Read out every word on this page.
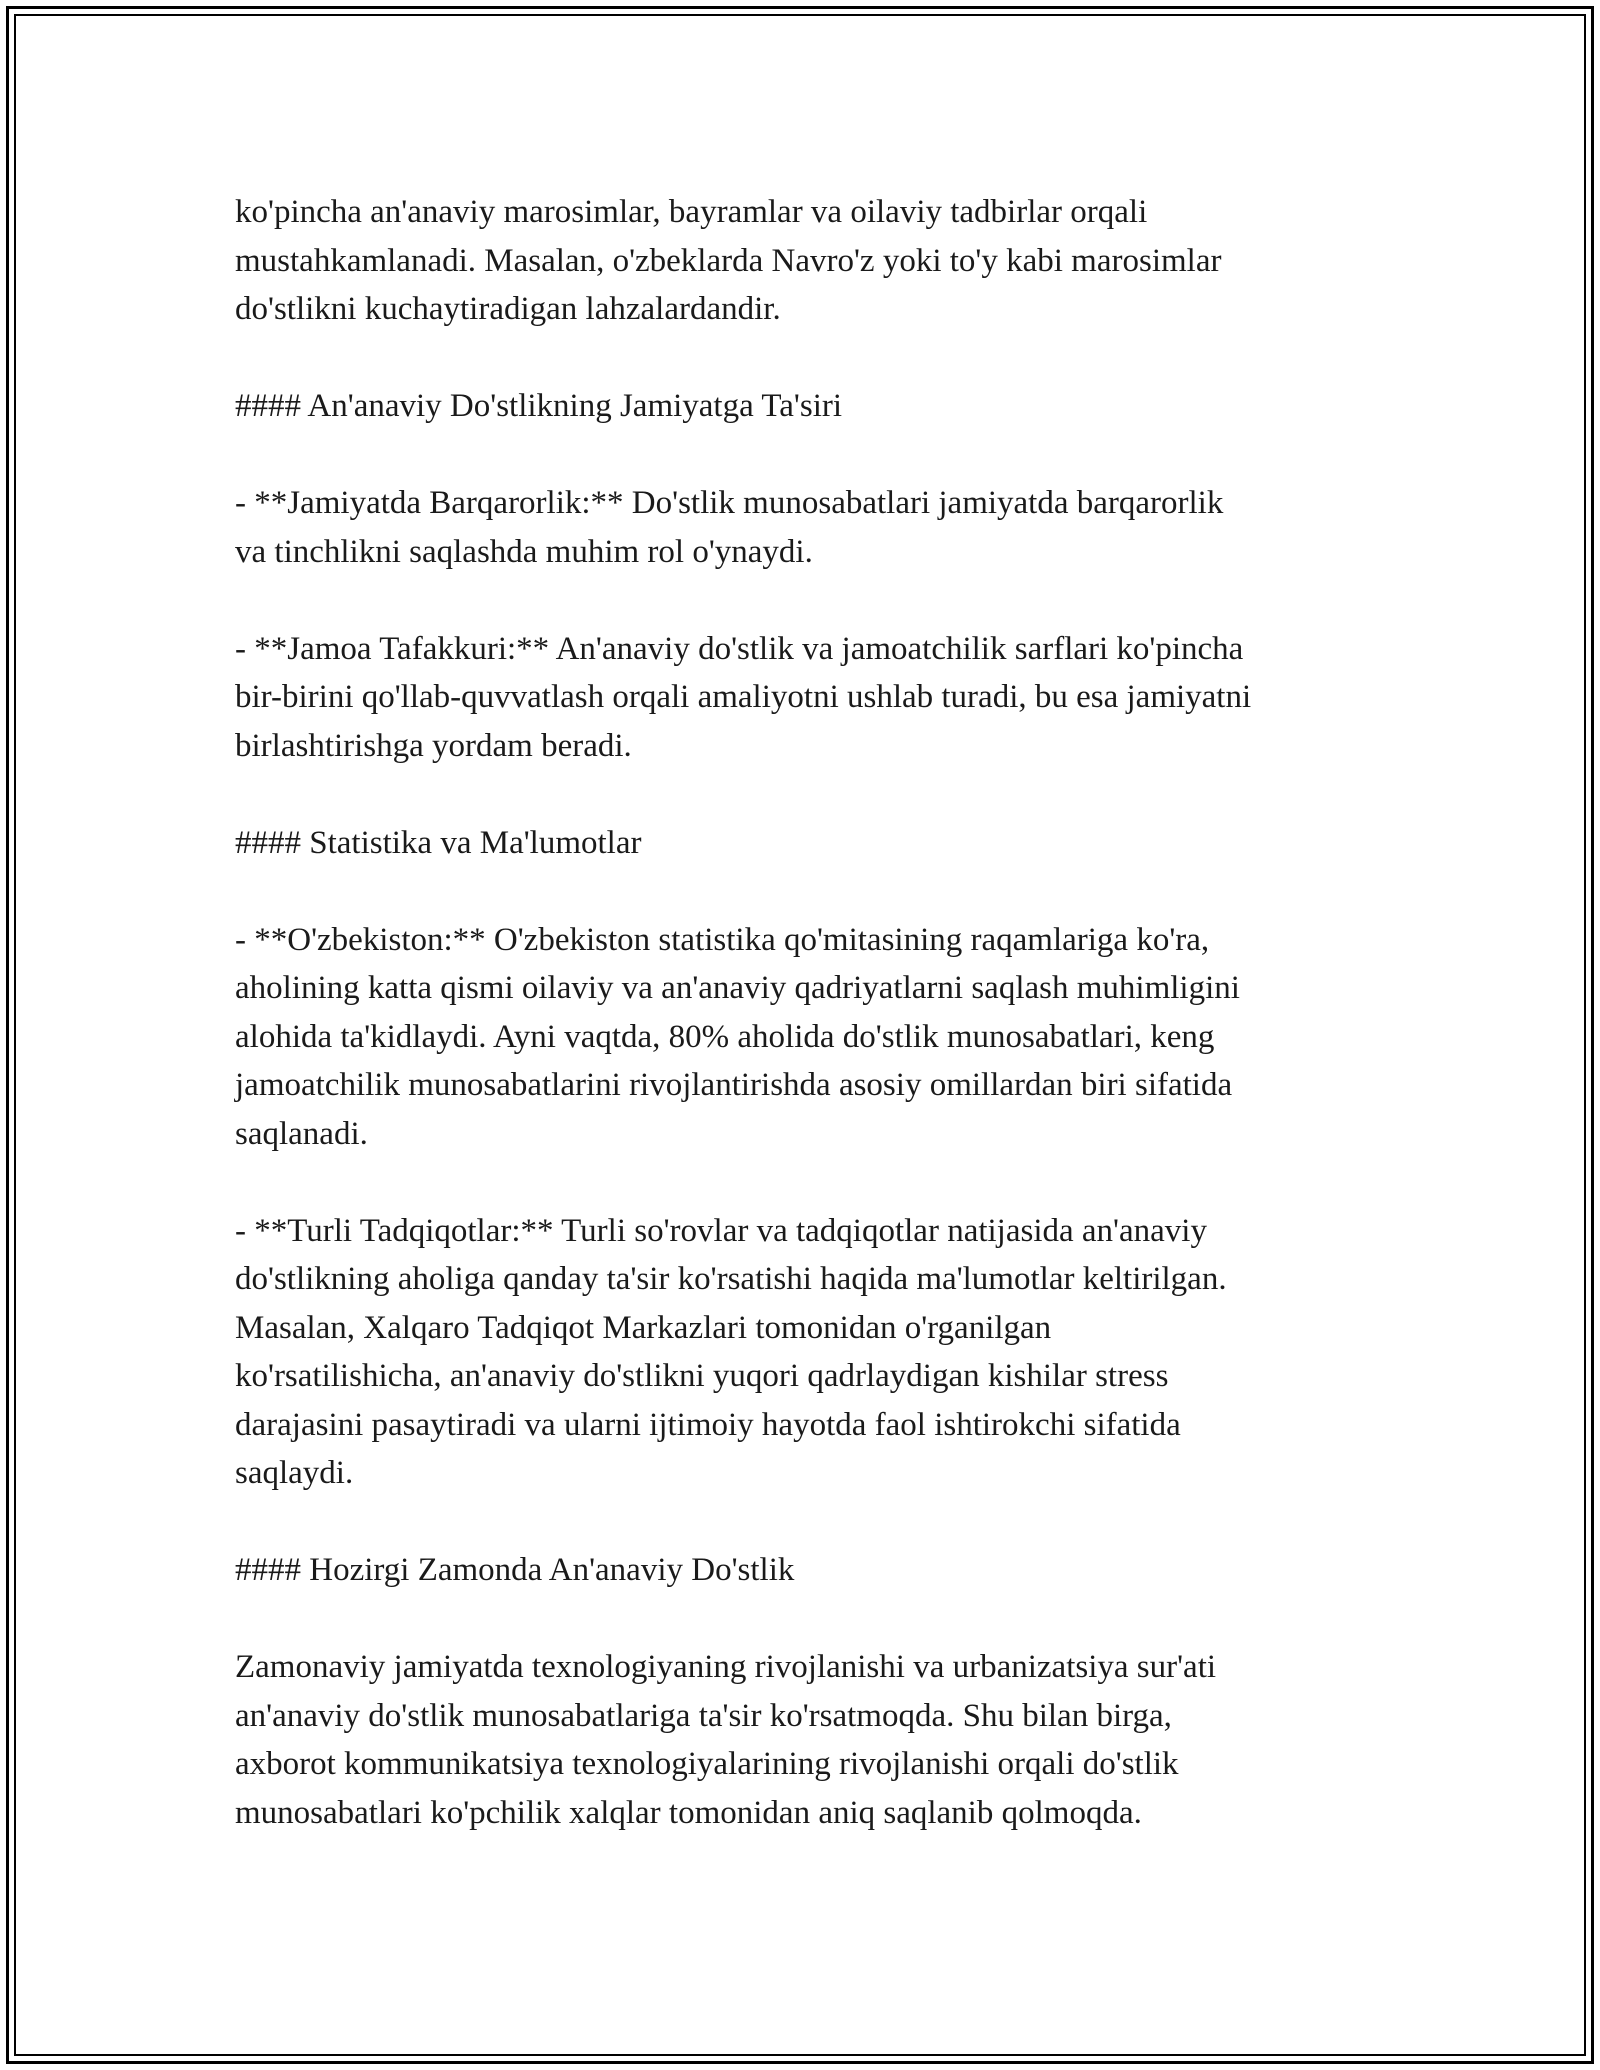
ko'pincha an'anaviy marosimlar, bayramlar va oilaviy tadbirlar orqali
mustahkamlanadi. Masalan, o'zbeklarda Navro'z yoki to'y kabi marosimlar
do'stlikni kuchaytiradigan lahzalardandir.
#### An'anaviy Do'stlikning Jamiyatga Ta'siri
- **Jamiyatda Barqarorlik:** Do'stlik munosabatlari jamiyatda barqarorlik
va tinchlikni saqlashda muhim rol o'ynaydi.
- **Jamoa Tafakkuri:** An'anaviy do'stlik va jamoatchilik sarflari ko'pincha
bir-birini qo'llab-quvvatlash orqali amaliyotni ushlab turadi, bu esa jamiyatni
birlashtirishga yordam beradi.
#### Statistika va Ma'lumotlar
- **O'zbekiston:** O'zbekiston statistika qo'mitasining raqamlariga ko'ra,
aholining katta qismi oilaviy va an'anaviy qadriyatlarni saqlash muhimligini
alohida ta'kidlaydi. Ayni vaqtda, 80% aholida do'stlik munosabatlari, keng
jamoatchilik munosabatlarini rivojlantirishda asosiy omillardan biri sifatida
saqlanadi.
- **Turli Tadqiqotlar:** Turli so'rovlar va tadqiqotlar natijasida an'anaviy
do'stlikning aholiga qanday ta'sir ko'rsatishi haqida ma'lumotlar keltirilgan.
Masalan, Xalqaro Tadqiqot Markazlari tomonidan o'rganilgan
ko'rsatilishicha, an'anaviy do'stlikni yuqori qadrlaydigan kishilar stress
darajasini pasaytiradi va ularni ijtimoiy hayotda faol ishtirokchi sifatida
saqlaydi.
#### Hozirgi Zamonda An'anaviy Do'stlik
Zamonaviy jamiyatda texnologiyaning rivojlanishi va urbanizatsiya sur'ati
an'anaviy do'stlik munosabatlariga ta'sir ko'rsatmoqda. Shu bilan birga,
axborot kommunikatsiya texnologiyalarining rivojlanishi orqali do'stlik
munosabatlari ko'pchilik xalqlar tomonidan aniq saqlanib qolmoqda.
